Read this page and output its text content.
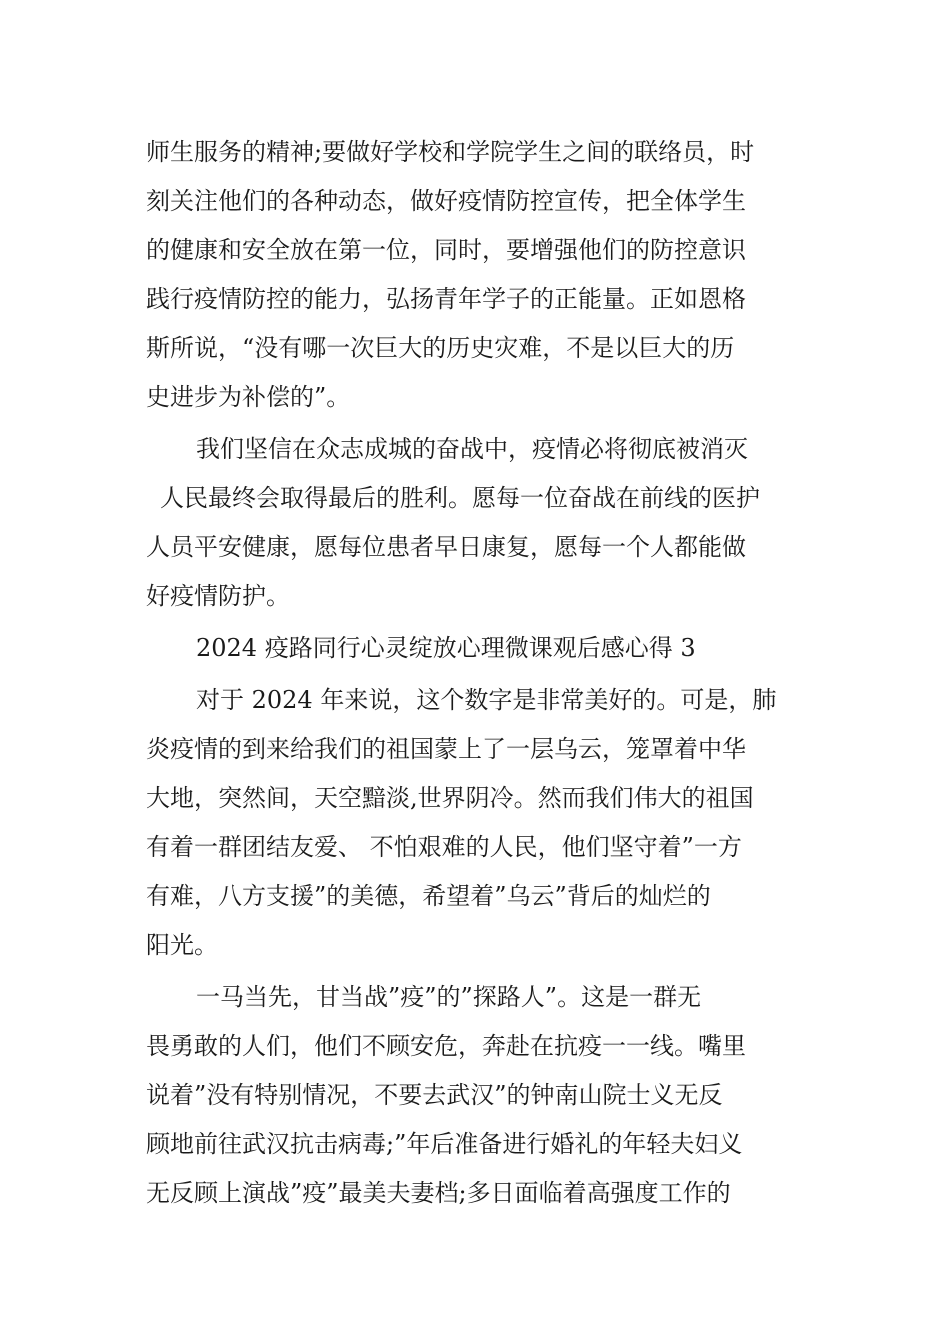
师生服务的精神;要做好学校和学院学生之间的联络员，时
刻关注他们的各种动态，做好疫情防控宣传，把全体学生
的健康和安全放在第一位，同时，要增强他们的防控意识
践行疫情防控的能力，弘扬青年学子的正能量。正如恩格
斯所说，“没有哪一次巨大的历史灾难，不是以巨大的历
史进步为补偿的”。
我们坚信在众志成城的奋战中，疫情必将彻底被消灭
人民最终会取得最后的胜利。愿每一位奋战在前线的医护
人员平安健康，愿每位患者早日康复，愿每一个人都能做
好疫情防护。
2024 疫路同行心灵绽放心理微课观后感心得 3
对于 2024 年来说，这个数字是非常美好的。可是，肺
炎疫情的到来给我们的祖国蒙上了一层乌云，笼罩着中华
大地，突然间，天空黯淡,世界阴冷。然而我们伟大的祖国
有着一群团结友爱、 不怕艰难的人民，他们坚守着”一方
有难，八方支援”的美德，希望着”乌云”背后的灿烂的
阳光。
一马当先，甘当战”疫”的”探路人”。这是一群无
畏勇敢的人们，他们不顾安危，奔赴在抗疫一一线。嘴里
说着”没有特别情况，不要去武汉”的钟南山院士义无反
顾地前往武汉抗击病毒;”年后准备进行婚礼的年轻夫妇义
无反顾上演战”疫”最美夫妻档;多日面临着高强度工作的
